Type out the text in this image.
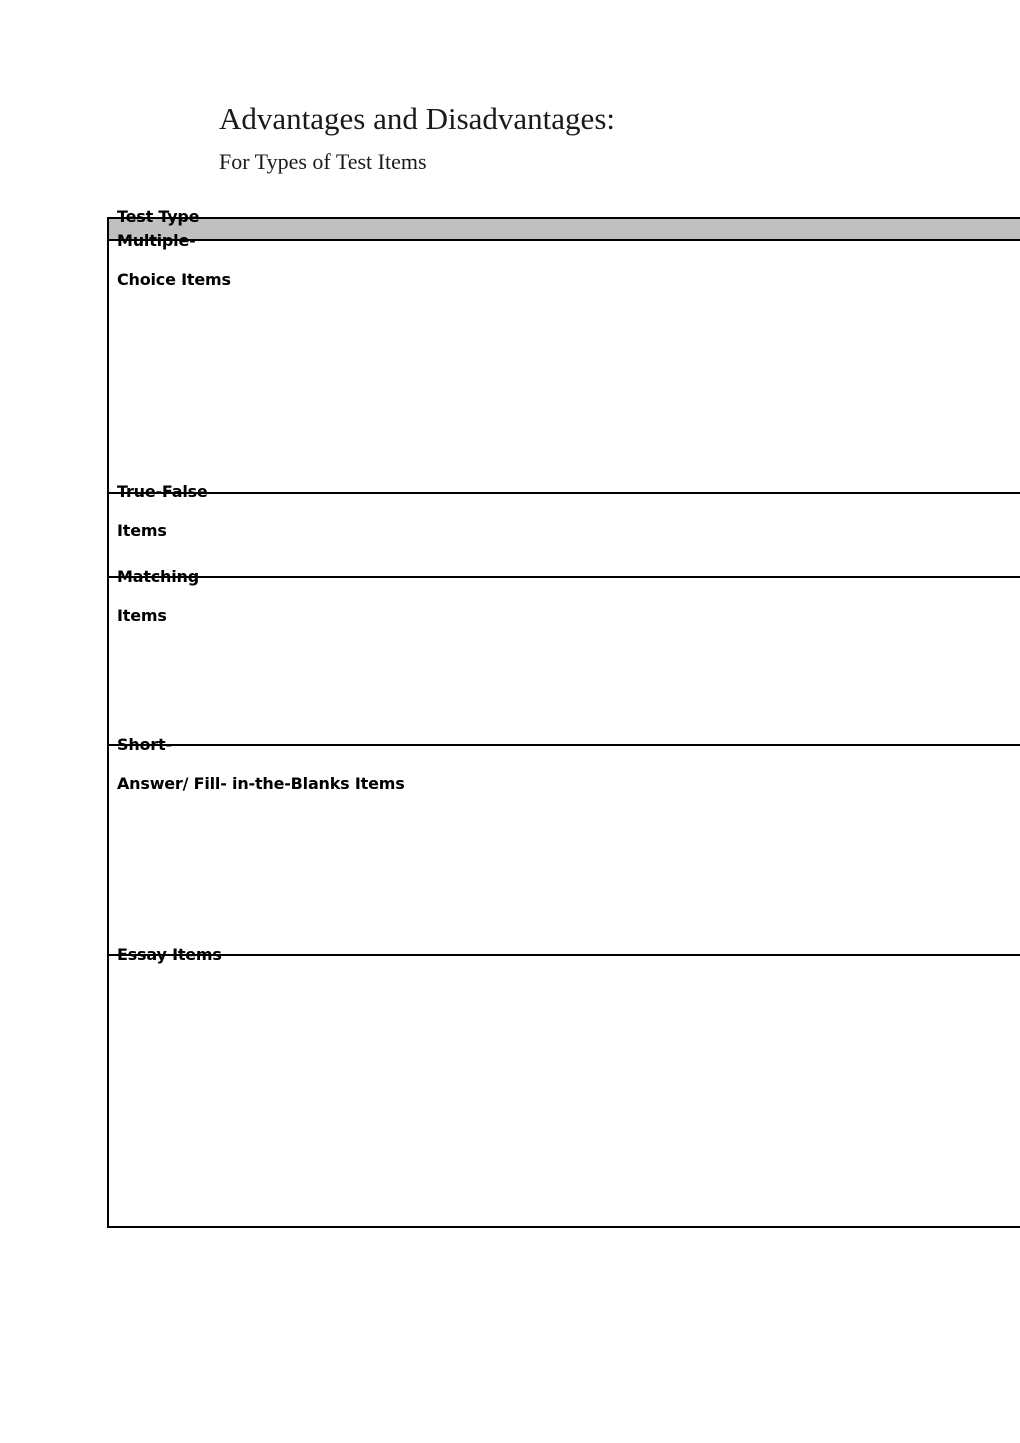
Advantages and Disadvantages:
For Types of Test Items

Test Type

Multiple-

Choice Items

True-False

Items

Matching

Items

Short-

Answer/ Fill- in-the-Blanks Items

Essay Items
